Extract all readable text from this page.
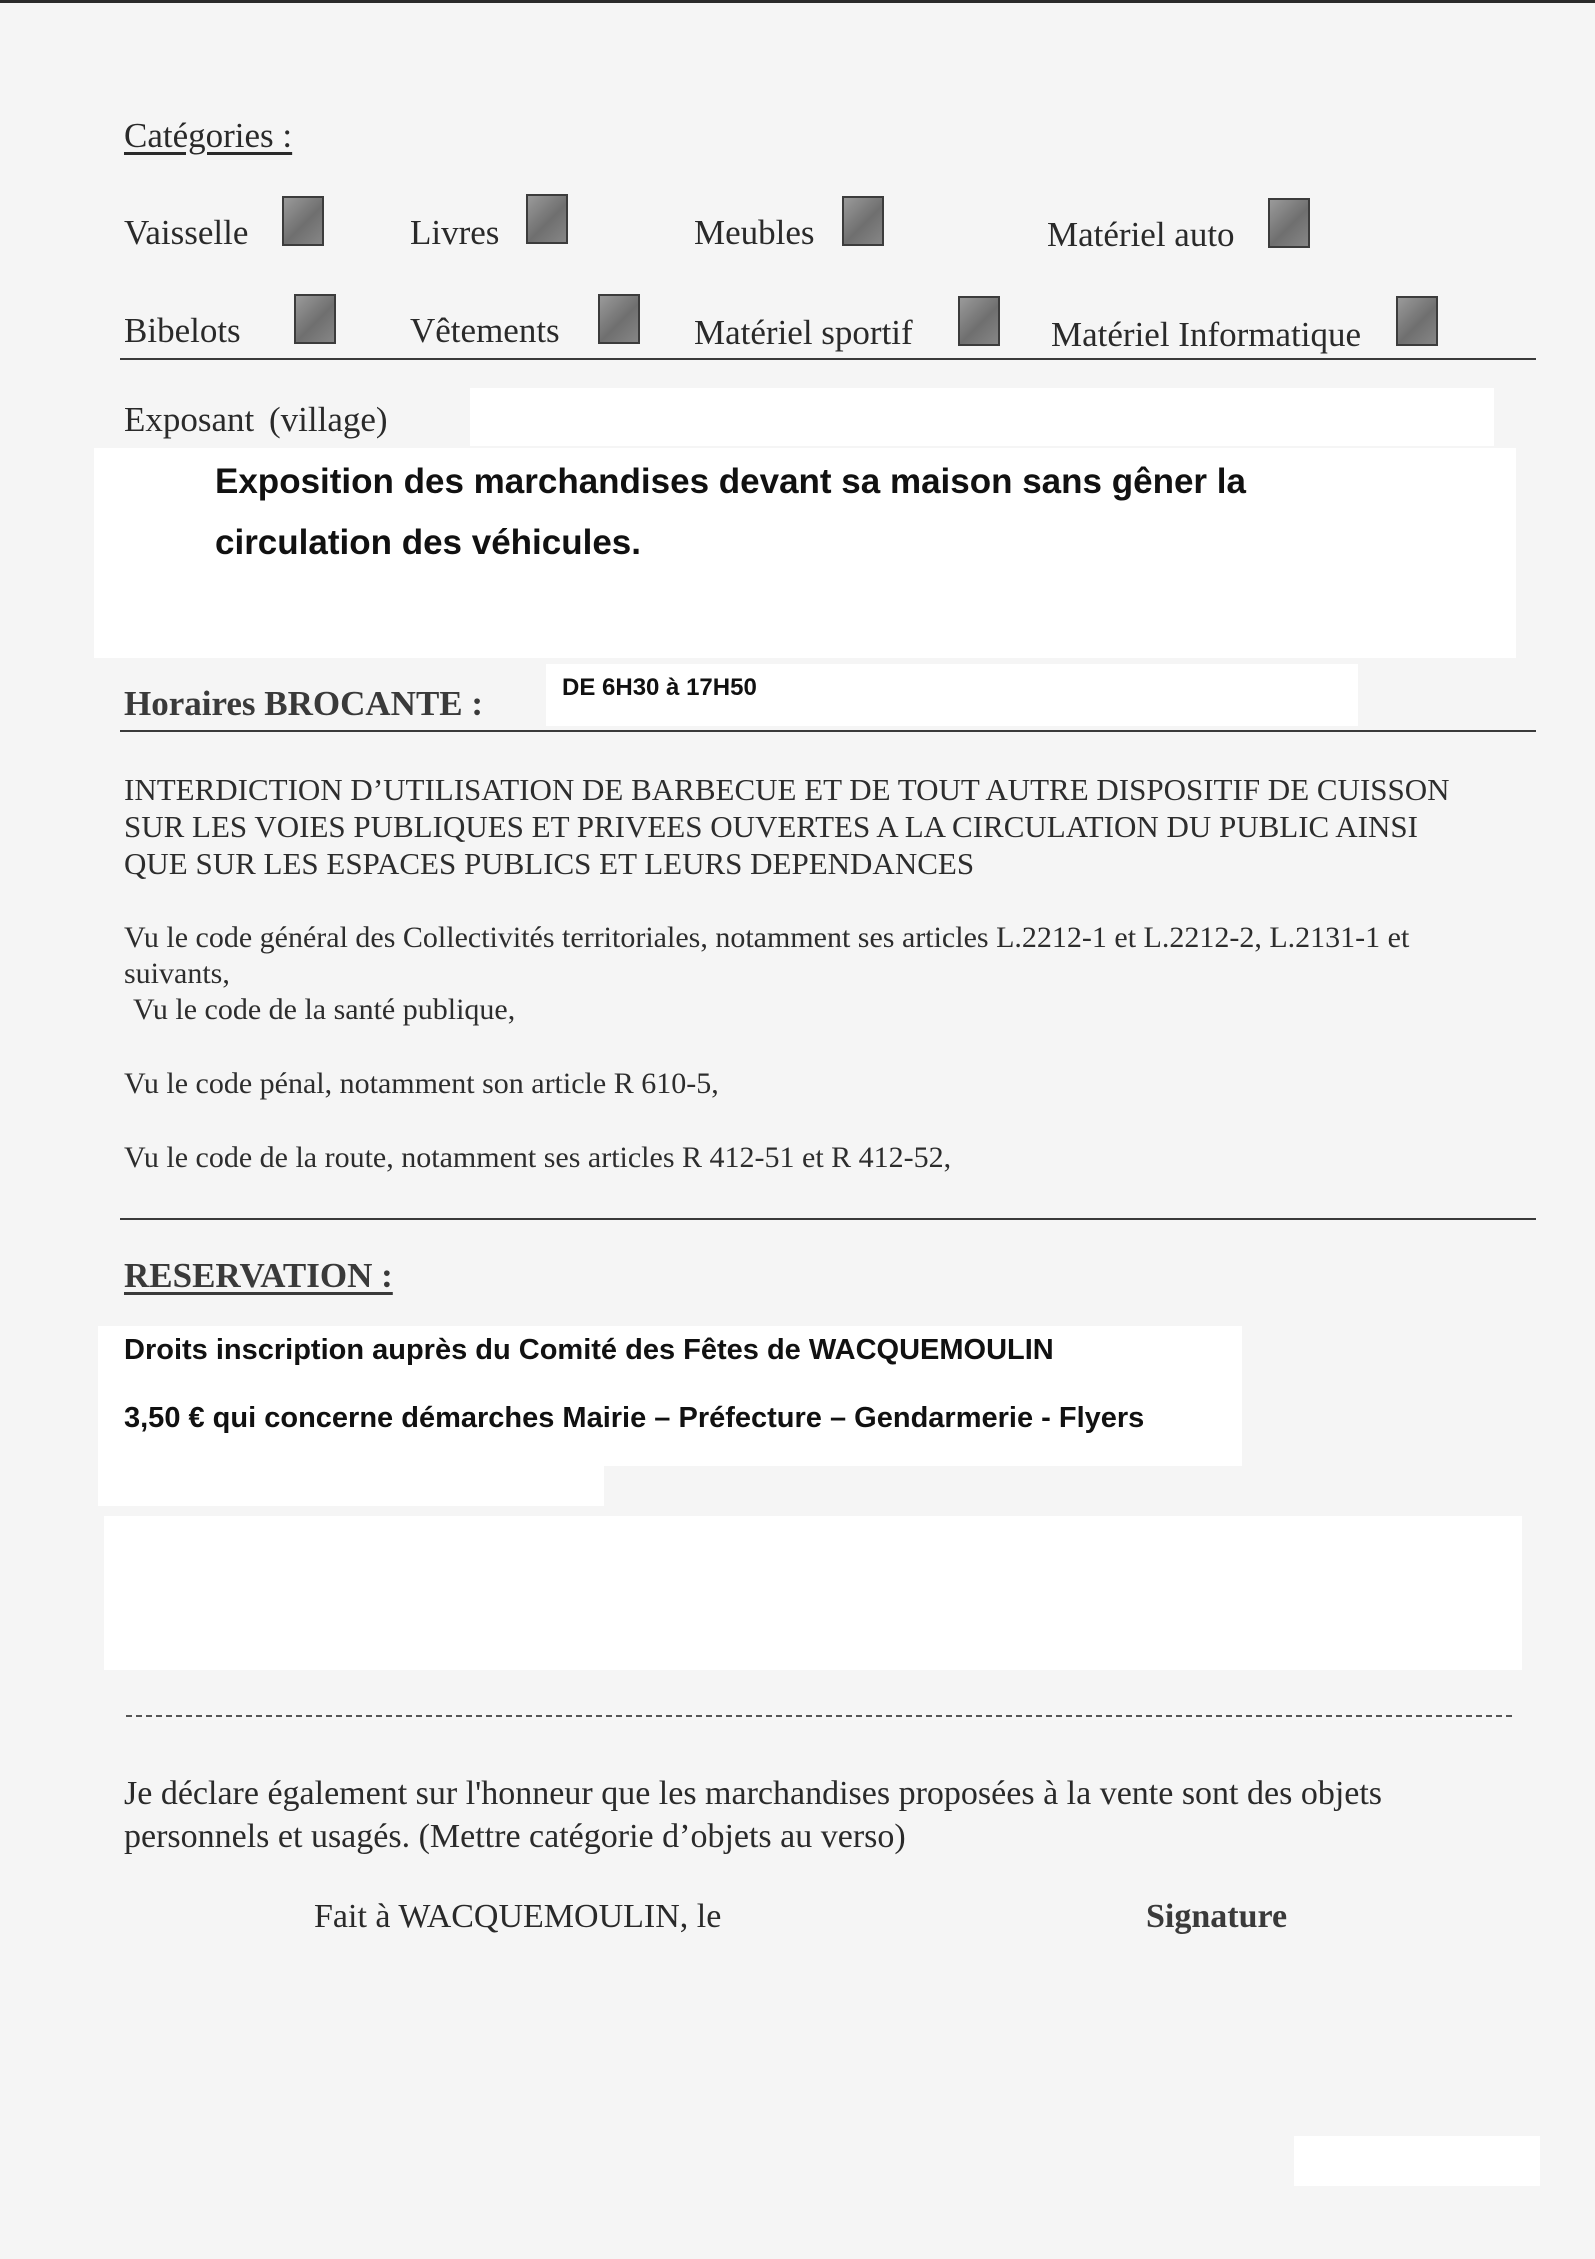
Catégories :
Vaisselle	Livres	Meubles	Matériel auto
Bibelots	Vêtements	Matériel sportif	Matériel Informatique
Exposant (village)
Exposition des marchandises devant sa maison sans gêner la
circulation des véhicules.
Horaires BROCANTE :	DE 6H30 à 17H50
INTERDICTION D’UTILISATION DE BARBECUE ET DE TOUT AUTRE DISPOSITIF DE CUISSON
SUR LES VOIES PUBLIQUES ET PRIVEES OUVERTES A LA CIRCULATION DU PUBLIC AINSI
QUE SUR LES ESPACES PUBLICS ET LEURS DEPENDANCES
Vu le code général des Collectivités territoriales, notamment ses articles L.2212-1 et L.2212-2, L.2131-1 et
suivants,
Vu le code de la santé publique,
Vu le code pénal, notamment son article R 610-5,
Vu le code de la route, notamment ses articles R 412-51 et R 412-52,
RESERVATION :
Droits inscription auprès du Comité des Fêtes de WACQUEMOULIN
3,50 € qui concerne démarches Mairie – Préfecture – Gendarmerie - Flyers
Je déclare également sur l'honneur que les marchandises proposées à la vente sont des objets
personnels et usagés. (Mettre catégorie d’objets au verso)
Fait à WACQUEMOULIN, le	Signature
